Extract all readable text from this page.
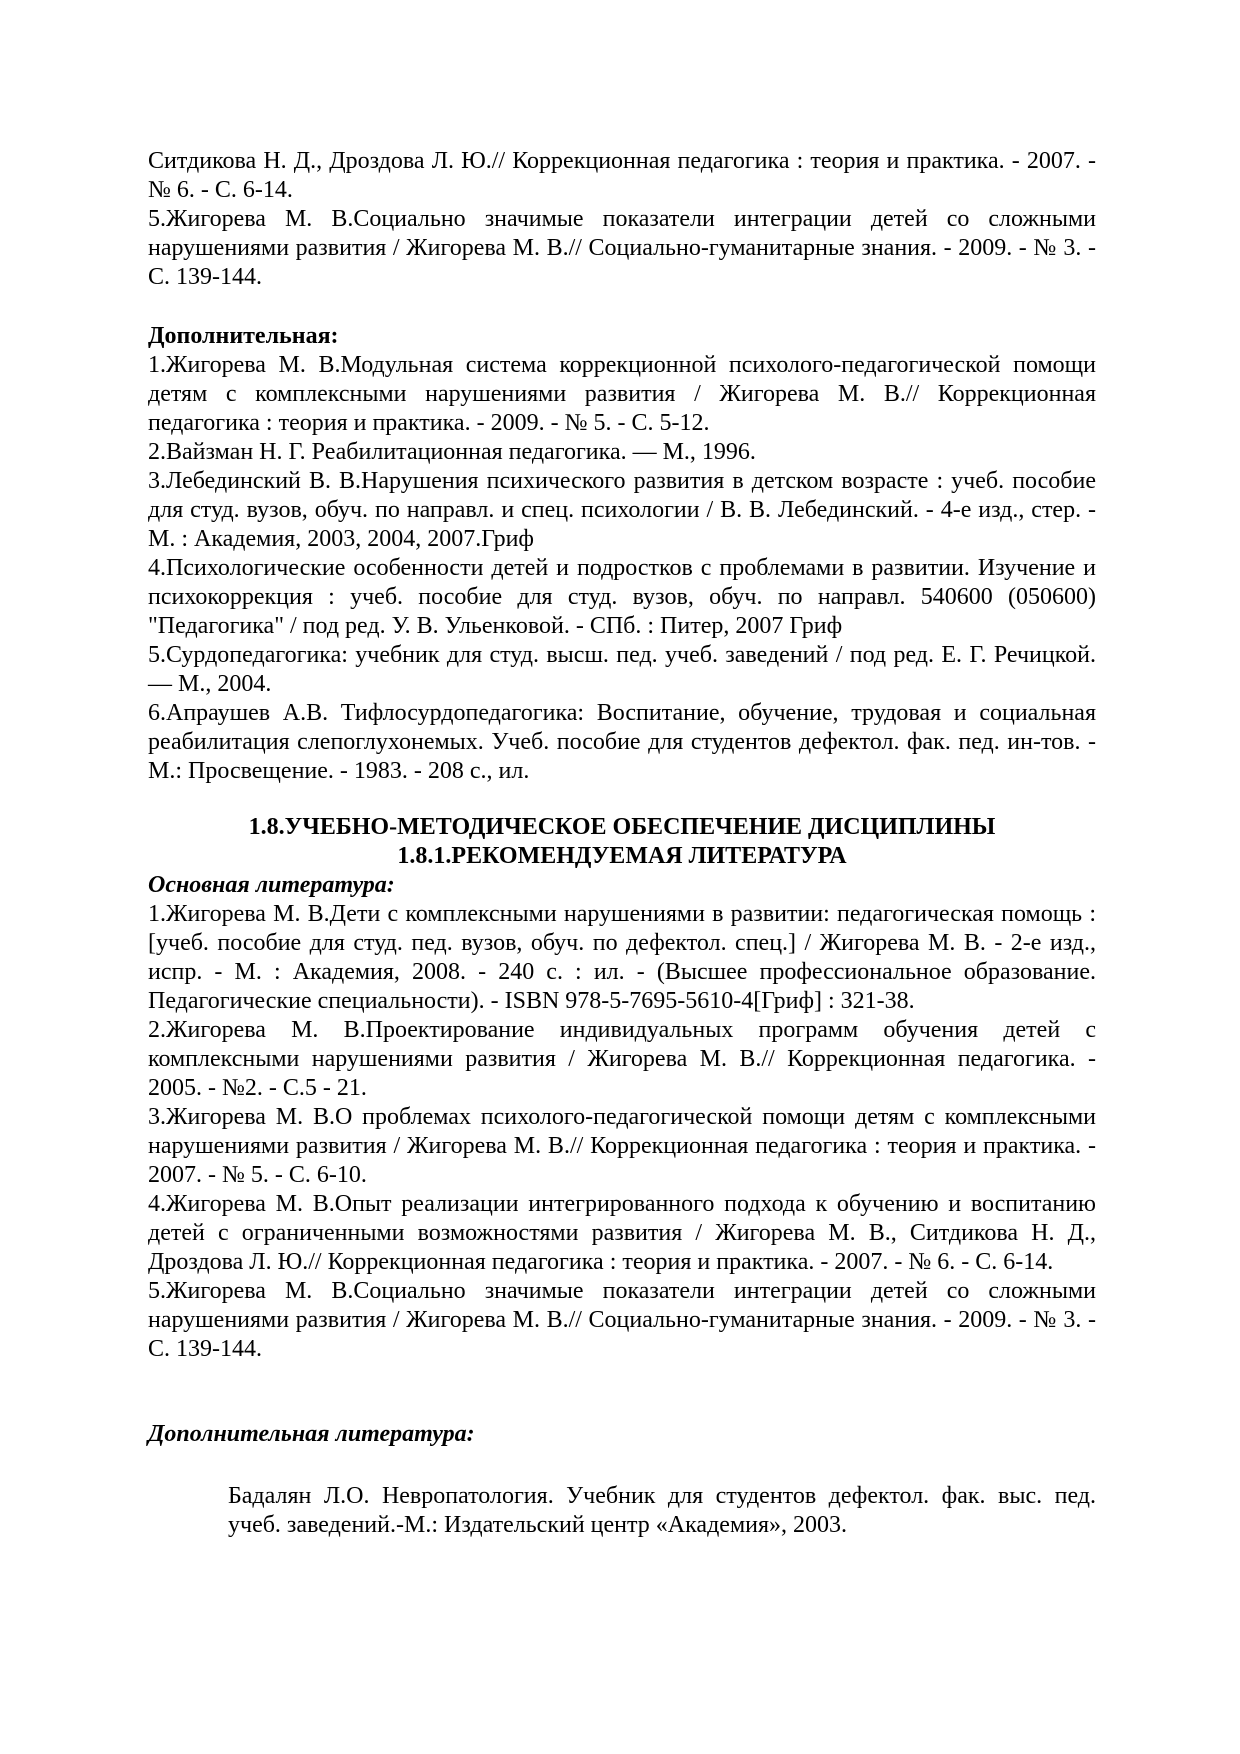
Ситдикова Н. Д., Дроздова Л. Ю.// Коррекционная педагогика : теория и практика. - 2007. - № 6. - С. 6-14.

5.Жигорева М. В.Социально значимые показатели интеграции детей со сложными нарушениями развития / Жигорева М. В.// Социально-гуманитарные знания. - 2009. - № 3. - С. 139-144.

Дополнительная:

1.Жигорева М. В.Модульная система коррекционной психолого-педагогической помощи детям с комплексными нарушениями развития / Жигорева М. В.// Коррекционная педагогика : теория и практика. - 2009. - № 5. - С. 5-12.

2.Вайзман Н. Г. Реабилитационная педагогика. — М., 1996.

3.Лебединский В. В.Нарушения психического развития в детском возрасте : учеб. пособие для студ. вузов, обуч. по направл. и спец. психологии / В. В. Лебединский. - 4-е изд., стер. - М. : Академия, 2003, 2004, 2007.Гриф

4.Психологические особенности детей и подростков с проблемами в развитии. Изучение и психокоррекция : учеб. пособие для студ. вузов, обуч. по направл. 540600 (050600) "Педагогика" / под ред. У. В. Ульенковой. - СПб. : Питер, 2007 Гриф

5.Сурдопедагогика: учебник для студ. высш. пед. учеб. заведений / под ред. Е. Г. Речицкой. — М., 2004.

6.Апраушев А.В. Тифлосурдопедагогика: Воспитание, обучение, трудовая и социальная реабилитация слепоглухонемых. Учеб. пособие для студентов дефектол. фак. пед. ин-тов. - М.: Просвещение. - 1983. - 208 с., ил.

1.8.УЧЕБНО-МЕТОДИЧЕСКОЕ ОБЕСПЕЧЕНИЕ ДИСЦИПЛИНЫ

1.8.1.РЕКОМЕНДУЕМАЯ ЛИТЕРАТУРА

Основная литература:

1.Жигорева М. В.Дети с комплексными нарушениями в развитии: педагогическая помощь : [учеб. пособие для студ. пед. вузов, обуч. по дефектол. спец.] / Жигорева М. В. - 2-е изд., испр. - М. : Академия, 2008. - 240 с. : ил. - (Высшее профессиональное образование. Педагогические специальности). - ISBN 978-5-7695-5610-4[Гриф] : 321-38.

2.Жигорева М. В.Проектирование индивидуальных программ обучения детей с комплексными нарушениями развития / Жигорева М. В.// Коррекционная педагогика. - 2005. - №2. - С.5 - 21.

3.Жигорева М. В.О проблемах психолого-педагогической помощи детям с комплексными нарушениями развития / Жигорева М. В.// Коррекционная педагогика : теория и практика. - 2007. - № 5. - С. 6-10.

4.Жигорева М. В.Опыт реализации интегрированного подхода к обучению и воспитанию детей с ограниченными возможностями развития / Жигорева М. В., Ситдикова Н. Д., Дроздова Л. Ю.// Коррекционная педагогика : теория и практика. - 2007. - № 6. - С. 6-14.

5.Жигорева М. В.Социально значимые показатели интеграции детей со сложными нарушениями развития / Жигорева М. В.// Социально-гуманитарные знания. - 2009. - № 3. - С. 139-144.

Дополнительная литература:

Бадалян Л.О. Невропатология. Учебник для студентов дефектол. фак. выс. пед. учеб. заведений.-М.: Издательский центр «Академия», 2003.
